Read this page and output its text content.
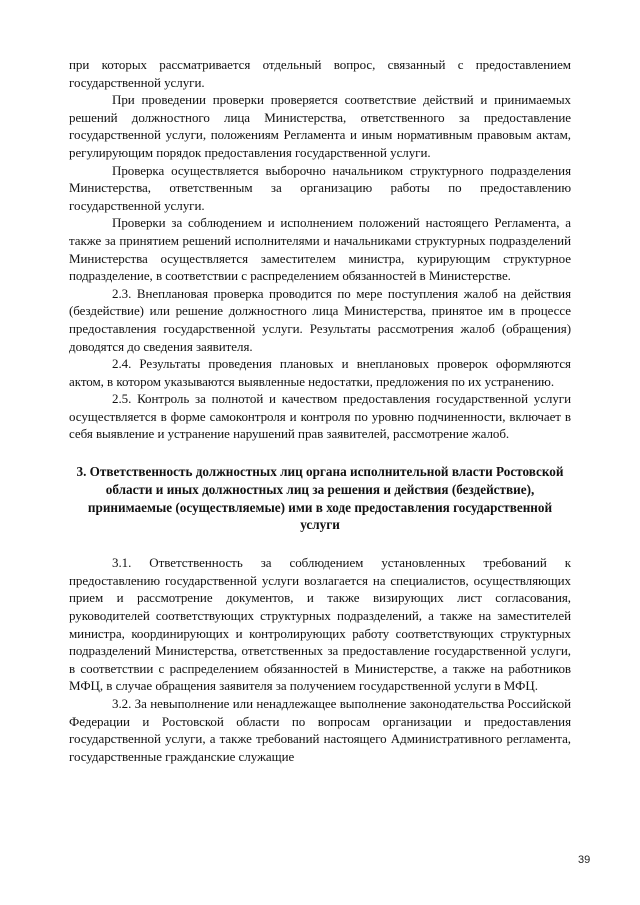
при которых рассматривается отдельный вопрос, связанный с предоставлением государственной услуги.

При проведении проверки проверяется соответствие действий и принимаемых решений должностного лица Министерства, ответственного за предоставление государственной услуги, положениям Регламента и иным нормативным правовым актам, регулирующим порядок предоставления государственной услуги.

Проверка осуществляется выборочно начальником структурного подразделения Министерства, ответственным за организацию работы по предоставлению государственной услуги.

Проверки за соблюдением и исполнением положений настоящего Регламента, а также за принятием решений исполнителями и начальниками структурных подразделений Министерства осуществляется заместителем министра, курирующим структурное подразделение, в соответствии с распределением обязанностей в Министерстве.

2.3. Внеплановая проверка проводится по мере поступления жалоб на действия (бездействие) или решение должностного лица Министерства, принятое им в процессе предоставления государственной услуги. Результаты рассмотрения жалоб (обращения) доводятся до сведения заявителя.

2.4. Результаты проведения плановых и внеплановых проверок оформляются актом, в котором указываются выявленные недостатки, предложения по их устранению.

2.5. Контроль за полнотой и качеством предоставления государственной услуги осуществляется в форме самоконтроля и контроля по уровню подчиненности, включает в себя выявление и устранение нарушений прав заявителей, рассмотрение жалоб.

3. Ответственность должностных лиц органа исполнительной власти Ростовской области и иных должностных лиц за решения и действия (бездействие), принимаемые (осуществляемые) ими в ходе предоставления государственной услуги

3.1. Ответственность за соблюдением установленных требований к предоставлению государственной услуги возлагается на специалистов, осуществляющих прием и рассмотрение документов, и также визирующих лист согласования, руководителей соответствующих структурных подразделений, а также на заместителей министра, координирующих и контролирующих работу соответствующих структурных подразделений Министерства, ответственных за предоставление государственной услуги, в соответствии с распределением обязанностей в Министерстве, а также на работников МФЦ, в случае обращения заявителя за получением государственной услуги в МФЦ.

3.2. За невыполнение или ненадлежащее выполнение законодательства Российской Федерации и Ростовской области по вопросам организации и предоставления государственной услуги, а также требований настоящего Административного регламента, государственные гражданские служащие

39
